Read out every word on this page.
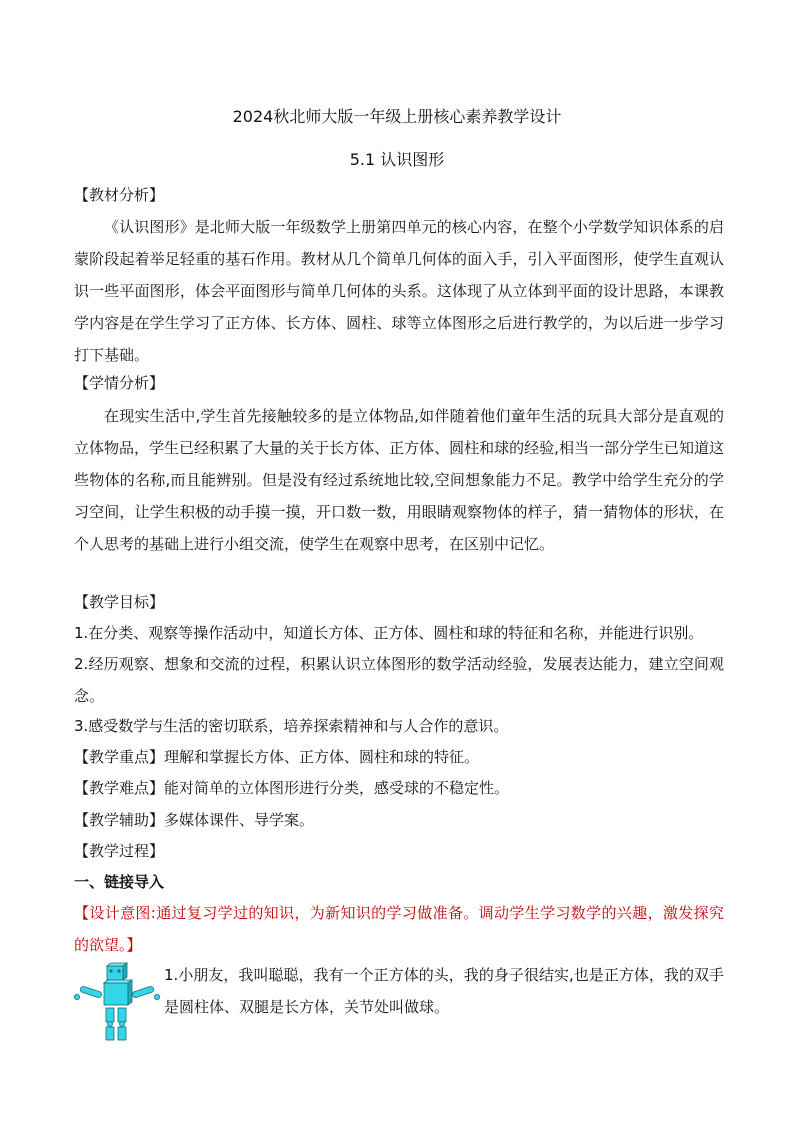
2024秋北师大版一年级上册核心素养教学设计
5.1 认识图形
【教材分析】

《认识图形》是北师大版一年级数学上册第四单元的核心内容，在整个小学数学知识体系的启蒙阶段起着举足轻重的基石作用。教材从几个简单几何体的面入手，引入平面图形，使学生直观认识一些平面图形，体会平面图形与简单几何体的头系。这体现了从立体到平面的设计思路，本课教学内容是在学生学习了正方体、长方体、圆柱、球等立体图形之后进行教学的，为以后进一步学习打下基础。

【学情分析】

在现实生活中,学生首先接触较多的是立体物品,如伴随着他们童年生活的玩具大部分是直观的立体物品，学生已经积累了大量的关于长方体、正方体、圆柱和球的经验,相当一部分学生已知道这些物体的名称,而且能辨别。但是没有经过系统地比较,空间想象能力不足。教学中给学生充分的学习空间，让学生积极的动手摸一摸，开口数一数，用眼睛观察物体的样子，猜一猜物体的形状，在个人思考的基础上进行小组交流，使学生在观察中思考，在区别中记忆。

【教学目标】
1.在分类、观察等操作活动中，知道长方体、正方体、圆柱和球的特征和名称，并能进行识别。

2.经历观察、想象和交流的过程，积累认识立体图形的数学活动经验，发展表达能力，建立空间观念。

3.感受数学与生活的密切联系，培养探索精神和与人合作的意识。
【教学重点】理解和掌握长方体、正方体、圆柱和球的特征。
【教学难点】能对简单的立体图形进行分类，感受球的不稳定性。
【教学辅助】多媒体课件、导学案。
【教学过程】
一、链接导入

【设计意图:通过复习学过的知识，为新知识的学习做准备。调动学生学习数学的兴趣，激发探究的欲望。】

1.小朋友，我叫聪聪，我有一个正方体的头，我的身子很结实,也是正方体，我的双手是圆柱体、双腿是长方体，关节处叫做球。
